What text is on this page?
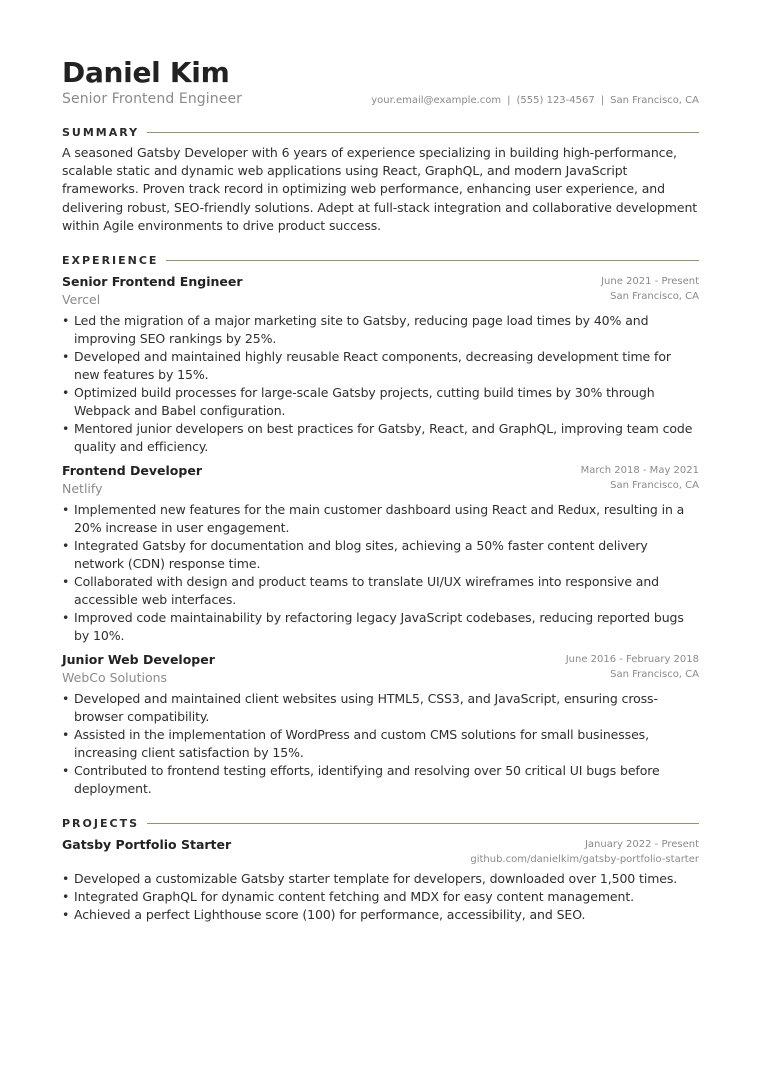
Daniel Kim
Senior Frontend Engineer	your.email@example.com | (555) 123-4567 | San Francisco, CA
SUMMARY

A seasoned Gatsby Developer with 6 years of experience specializing in building high-performance, scalable static and dynamic web applications using React, GraphQL, and modern JavaScript frameworks. Proven track record in optimizing web performance, enhancing user experience, and delivering robust, SEO-friendly solutions. Adept at full-stack integration and collaborative development within Agile environments to drive product success.

EXPERIENCE
Senior Frontend Engineer
Vercel
June 2021 - Present
San Francisco, CA
• Led the migration of a major marketing site to Gatsby, reducing page load times by 40% and improving SEO rankings by 25%.
• Developed and maintained highly reusable React components, decreasing development time for new features by 15%.
• Optimized build processes for large-scale Gatsby projects, cutting build times by 30% through Webpack and Babel configuration.
• Mentored junior developers on best practices for Gatsby, React, and GraphQL, improving team code quality and efficiency.
Frontend Developer
Netlify
March 2018 - May 2021
San Francisco, CA
• Implemented new features for the main customer dashboard using React and Redux, resulting in a 20% increase in user engagement.
• Integrated Gatsby for documentation and blog sites, achieving a 50% faster content delivery network (CDN) response time.
• Collaborated with design and product teams to translate UI/UX wireframes into responsive and accessible web interfaces.
• Improved code maintainability by refactoring legacy JavaScript codebases, reducing reported bugs by 10%.
Junior Web Developer
WebCo Solutions
June 2016 - February 2018
San Francisco, CA
• Developed and maintained client websites using HTML5, CSS3, and JavaScript, ensuring cross-browser compatibility.
• Assisted in the implementation of WordPress and custom CMS solutions for small businesses, increasing client satisfaction by 15%.
• Contributed to frontend testing efforts, identifying and resolving over 50 critical UI bugs before deployment.
PROJECTS
Gatsby Portfolio Starter	January 2022 - Present
github.com/danielkim/gatsby-portfolio-starter
• Developed a customizable Gatsby starter template for developers, downloaded over 1,500 times.
• Integrated GraphQL for dynamic content fetching and MDX for easy content management.
• Achieved a perfect Lighthouse score (100) for performance, accessibility, and SEO.
